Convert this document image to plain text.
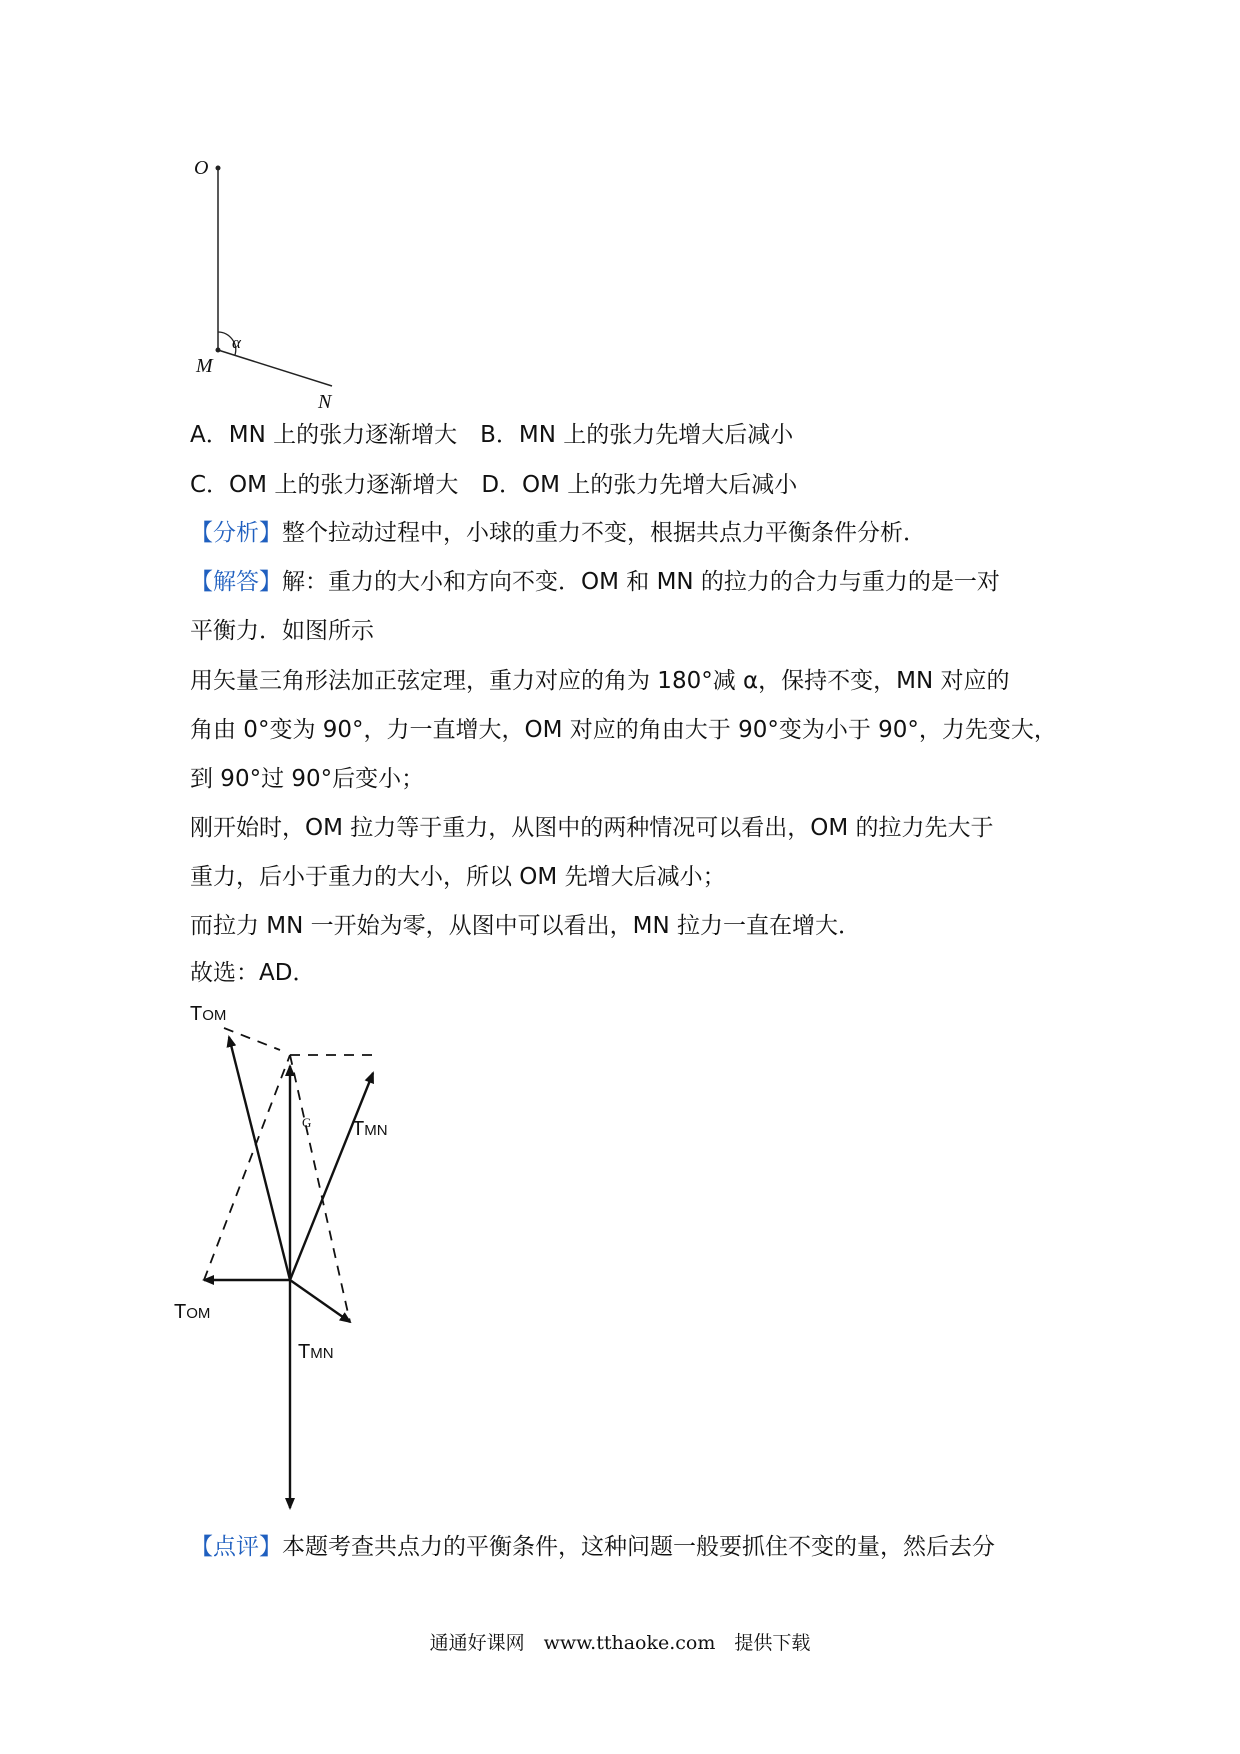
O
M
N
α
A．MN 上的张力逐渐增大　B．MN 上的张力先增大后减小
C．OM 上的张力逐渐增大　D．OM 上的张力先增大后减小
【分析】整个拉动过程中，小球的重力不变，根据共点力平衡条件分析．
【解答】解：重力的大小和方向不变．OM 和 MN 的拉力的合力与重力的是一对
平衡力．如图所示
用矢量三角形法加正弦定理，重力对应的角为 180°减 α，保持不变，MN 对应的
角由 0°变为 90°，力一直增大，OM 对应的角由大于 90°变为小于 90°，力先变大，
到 90°过 90°后变小；
刚开始时，OM 拉力等于重力，从图中的两种情况可以看出，OM 的拉力先大于
重力，后小于重力的大小，所以 OM 先增大后减小；
而拉力 MN 一开始为零，从图中可以看出，MN 拉力一直在增大．
故选：AD．
TOM
G TMN
TOM
TMN
【点评】本题考查共点力的平衡条件，这种问题一般要抓住不变的量，然后去分
通通好课网　www.tthaoke.com　提供下载
